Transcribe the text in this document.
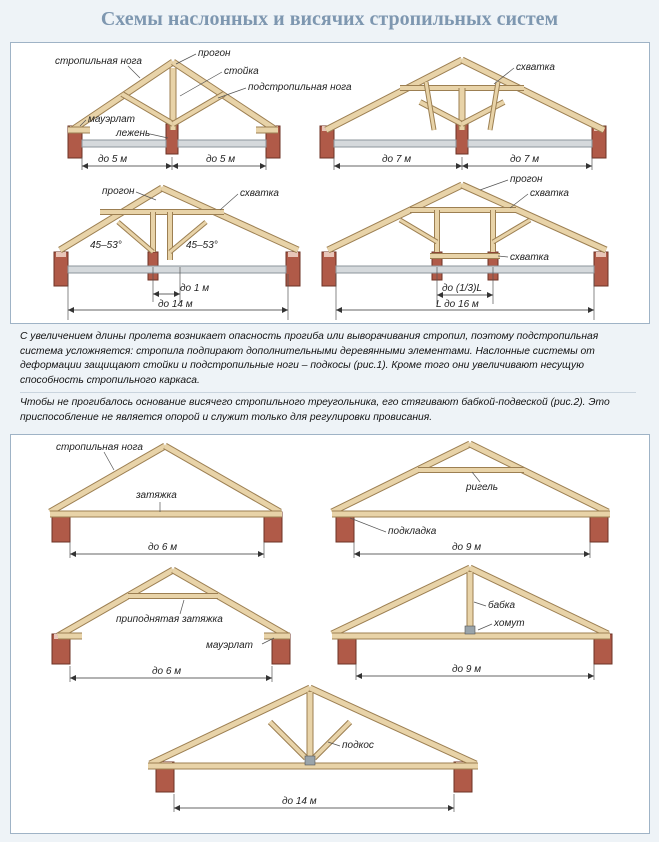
Схемы наслонных и висячих стропильных систем

С увеличением длины пролета возникает опасность прогиба или выворачивания стропил, поэтому подстропильная система усложняется: стропила подпирают дополнительными деревянными элементами. Наслонные системы от деформации защищают стойки и подстропильные ноги – подкосы (рис.1). Кроме того они увеличивают несущую способность стропильного каркаса.

Чтобы не прогибалось основание висячего стропильного треугольника, его стягивают бабкой-подвеской (рис.2). Это приспособление не является опорой и служит только для регулировки провисания.

стропильная нога
прогон
стойка
подстропильная нога
мауэрлат
лежень
до 5 м	до 5 м
схватка
до 7 м	до 7 м
прогон	схватка
45–53°	45–53°
до 1 м
до 14 м
прогон
схватка
схватка
до (1/3)L
L до 16 м
стропильная нога
затяжка
до 6 м
ригель
подкладка
до 9 м
приподнятая затяжка
мауэрлат
до 6 м
бабка
хомут
до 9 м
подкос
до 14 м
